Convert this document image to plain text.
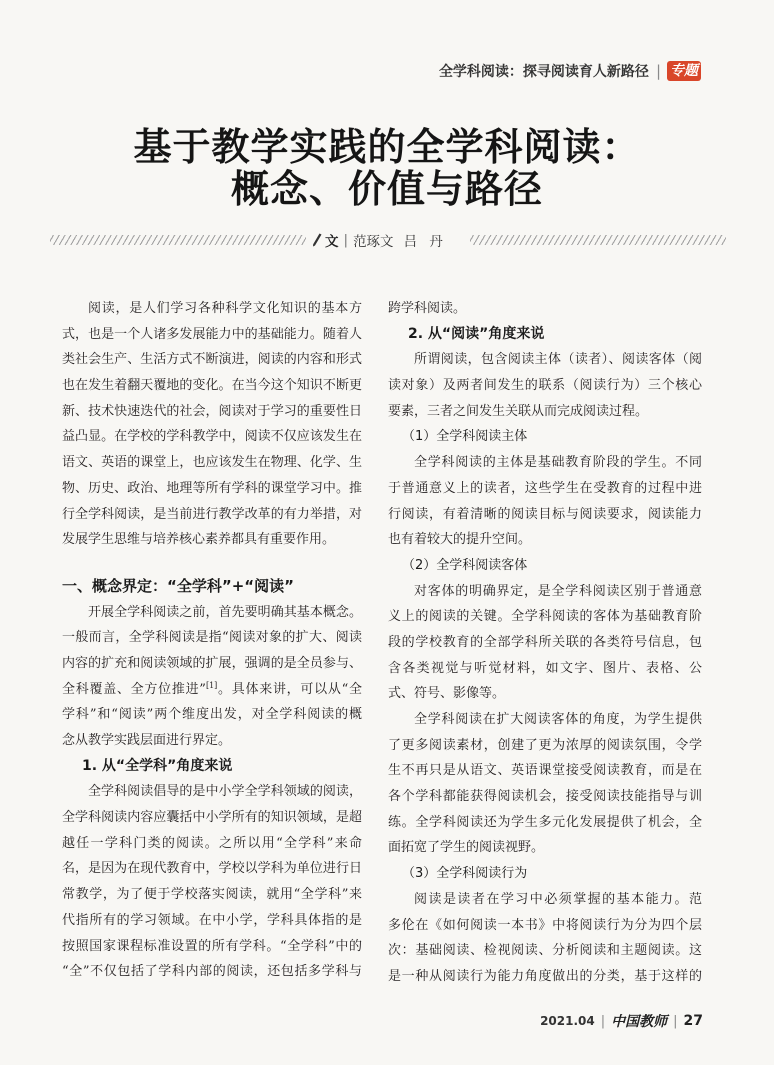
全学科阅读：探寻阅读育人新路径 | 专题
基于教学实践的全学科阅读：
概念、价值与路径
文 | 范琢文 吕 丹
阅读，是人们学习各种科学文化知识的基本方
式，也是一个人诸多发展能力中的基础能力。随着人
类社会生产、生活方式不断演进，阅读的内容和形式
也在发生着翻天覆地的变化。在当今这个知识不断更
新、技术快速迭代的社会，阅读对于学习的重要性日
益凸显。在学校的学科教学中，阅读不仅应该发生在
语文、英语的课堂上，也应该发生在物理、化学、生
物、历史、政治、地理等所有学科的课堂学习中。推
行全学科阅读，是当前进行教学改革的有力举措，对
发展学生思维与培养核心素养都具有重要作用。
一、概念界定：“全学科”+“阅读”
开展全学科阅读之前，首先要明确其基本概念。
一般而言，全学科阅读是指“阅读对象的扩大、阅读
内容的扩充和阅读领域的扩展，强调的是全员参与、
全科覆盖、全方位推进”[1]。具体来讲，可以从“全
学科”和“阅读”两个维度出发，对全学科阅读的概
念从教学实践层面进行界定。
1. 从“全学科”角度来说
全学科阅读倡导的是中小学全学科领域的阅读，
全学科阅读内容应囊括中小学所有的知识领域，是超
越任一学科门类的阅读。之所以用“全学科”来命
名，是因为在现代教育中，学校以学科为单位进行日
常教学，为了便于学校落实阅读，就用“全学科”来
代指所有的学习领域。在中小学，学科具体指的是
按照国家课程标准设置的所有学科。“全学科”中的
“全”不仅包括了学科内部的阅读，还包括多学科与
跨学科阅读。
2. 从“阅读”角度来说
所谓阅读，包含阅读主体（读者）、阅读客体（阅
读对象）及两者间发生的联系（阅读行为）三个核心
要素，三者之间发生关联从而完成阅读过程。
（1）全学科阅读主体
全学科阅读的主体是基础教育阶段的学生。不同
于普通意义上的读者，这些学生在受教育的过程中进
行阅读，有着清晰的阅读目标与阅读要求，阅读能力
也有着较大的提升空间。
（2）全学科阅读客体
对客体的明确界定，是全学科阅读区别于普通意
义上的阅读的关键。全学科阅读的客体为基础教育阶
段的学校教育的全部学科所关联的各类符号信息，包
含各类视觉与听觉材料，如文字、图片、表格、公
式、符号、影像等。
全学科阅读在扩大阅读客体的角度，为学生提供
了更多阅读素材，创建了更为浓厚的阅读氛围，令学
生不再只是从语文、英语课堂接受阅读教育，而是在
各个学科都能获得阅读机会，接受阅读技能指导与训
练。全学科阅读还为学生多元化发展提供了机会，全
面拓宽了学生的阅读视野。
（3）全学科阅读行为
阅读是读者在学习中必须掌握的基本能力。范
多伦在《如何阅读一本书》中将阅读行为分为四个层
次：基础阅读、检视阅读、分析阅读和主题阅读。这
是一种从阅读行为能力角度做出的分类，基于这样的
2021.04 | 中国教师 | 27
